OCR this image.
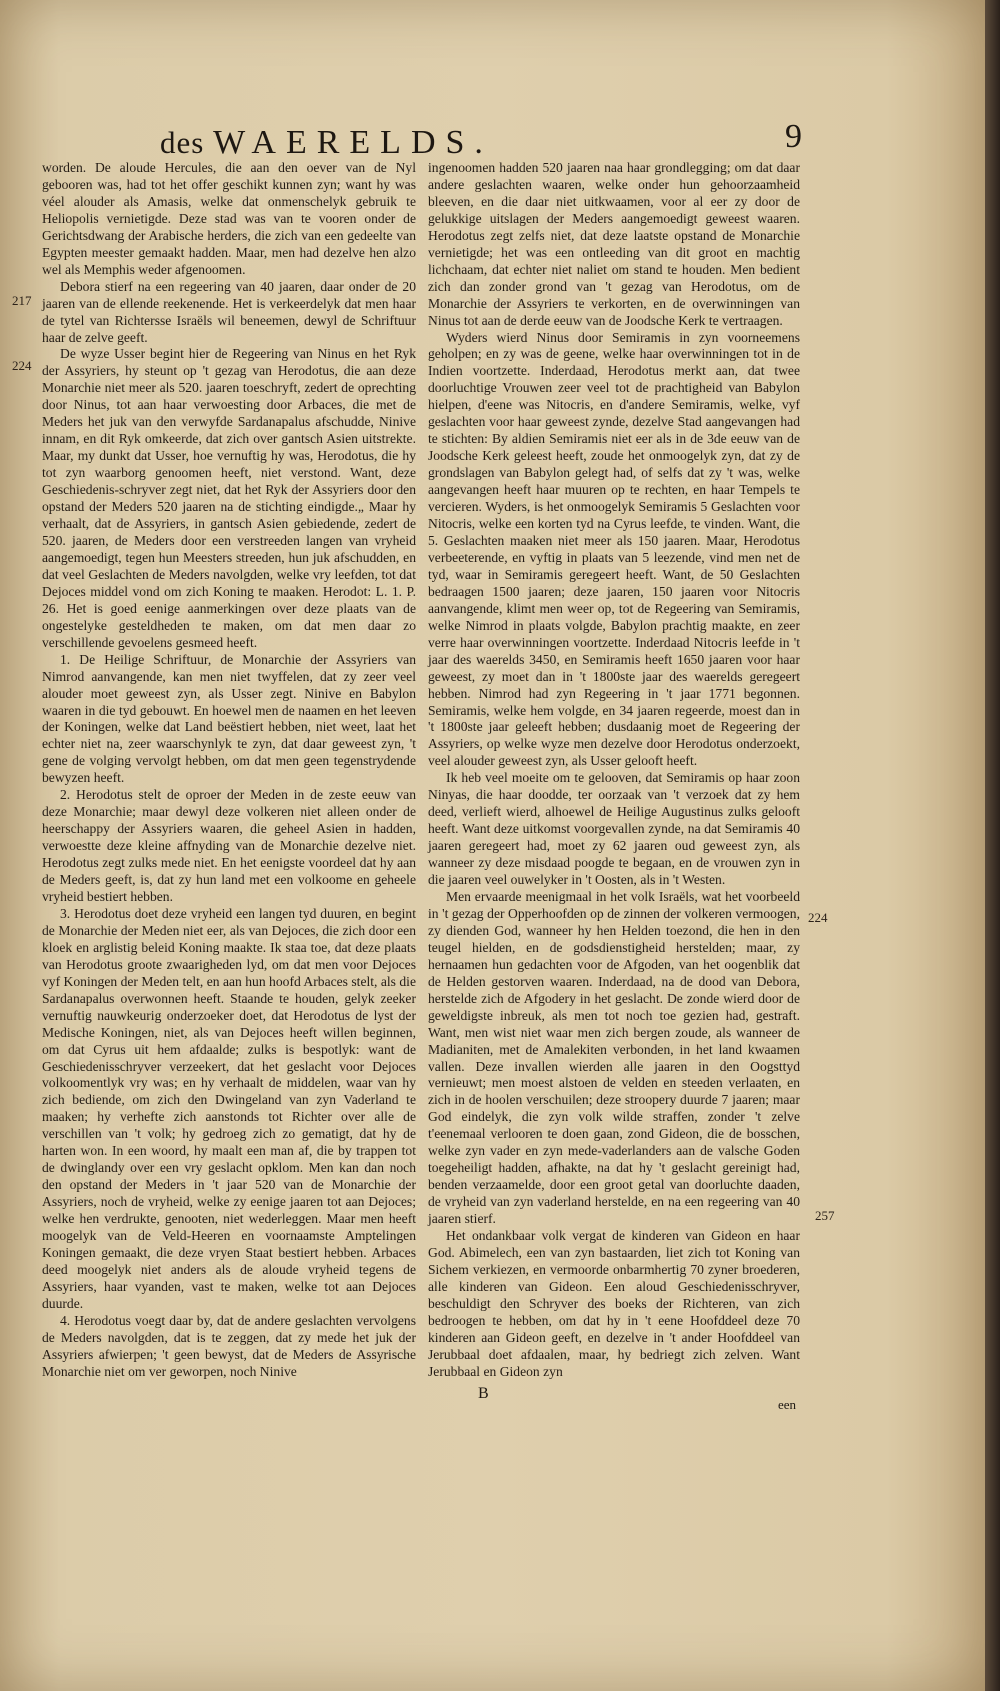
des WAERELDS.	9
217
224
224
257

worden. De aloude Hercules, die aan den oever van de Nyl gebooren was, had tot het offer geschikt kunnen zyn; want hy was véel alouder als Amasis, welke dat onmenschelyk gebruik te Heliopolis vernietigde. Deze stad was van te vooren onder de Gerichtsdwang der Arabische herders, die zich van een gedeelte van Egypten meester gemaakt hadden. Maar, men had dezelve hen alzo wel als Memphis weder afgenoomen.

Debora stierf na een regeering van 40 jaaren, daar onder de 20 jaaren van de ellende reekenende. Het is verkeerdelyk dat men haar de tytel van Richtersse Israëls wil beneemen, dewyl de Schriftuur haar de zelve geeft.

De wyze Usser begint hier de Regeering van Ninus en het Ryk der Assyriers, hy steunt op 't gezag van Herodotus, die aan deze Monarchie niet meer als 520. jaaren toeschryft, zedert de oprechting door Ninus, tot aan haar verwoesting door Arbaces, die met de Meders het juk van den verwyfde Sardanapalus afschudde, Ninive innam, en dit Ryk omkeerde, dat zich over gantsch Asien uitstrekte. Maar, my dunkt dat Usser, hoe vernuftig hy was, Herodotus, die hy tot zyn waarborg genoomen heeft, niet verstond. Want, deze Geschiedenis-schryver zegt niet, dat het Ryk der Assyriers door den opstand der Meders 520 jaaren na de stichting eindigde.„ Maar hy verhaalt, dat de Assyriers, in gantsch Asien gebiedende, zedert de 520. jaaren, de Meders door een verstreeden langen van vryheid aangemoedigt, tegen hun Meesters streeden, hun juk afschudden, en dat veel Geslachten de Meders navolgden, welke vry leefden, tot dat Dejoces middel vond om zich Koning te maaken. Herodot: L. 1. P. 26. Het is goed eenige aanmerkingen over deze plaats van de ongestelyke gesteldheden te maken, om dat men daar zo verschillende gevoelens gesmeed heeft.

1. De Heilige Schriftuur, de Monarchie der Assyriers van Nimrod aanvangende, kan men niet twyffelen, dat zy zeer veel alouder moet geweest zyn, als Usser zegt. Ninive en Babylon waaren in die tyd gebouwt. En hoewel men de naamen en het leeven der Koningen, welke dat Land beëstiert hebben, niet weet, laat het echter niet na, zeer waarschynlyk te zyn, dat daar geweest zyn, 't gene de volging vervolgt hebben, om dat men geen tegenstrydende bewyzen heeft.

2. Herodotus stelt de oproer der Meden in de zeste eeuw van deze Monarchie; maar dewyl deze volkeren niet alleen onder de heerschappy der Assyriers waaren, die geheel Asien in hadden, verwoestte deze kleine affnyding van de Monarchie dezelve niet. Herodotus zegt zulks mede niet. En het eenigste voordeel dat hy aan de Meders geeft, is, dat zy hun land met een volkoome en geheele vryheid bestiert hebben.

3. Herodotus doet deze vryheid een langen tyd duuren, en begint de Monarchie der Meden niet eer, als van Dejoces, die zich door een kloek en arglistig beleid Koning maakte. Ik staa toe, dat deze plaats van Herodotus groote zwaarigheden lyd, om dat men voor Dejoces vyf Koningen der Meden telt, en aan hun hoofd Arbaces stelt, als die Sardanapalus overwonnen heeft. Staande te houden, gelyk zeeker vernuftig nauwkeurig onderzoeker doet, dat Herodotus de lyst der Medische Koningen, niet, als van Dejoces heeft willen beginnen, om dat Cyrus uit hem afdaalde; zulks is bespotlyk: want de Geschiedenisschryver verzeekert, dat het geslacht voor Dejoces volkoomentlyk vry was; en hy verhaalt de middelen, waar van hy zich bediende, om zich den Dwingeland van zyn Vaderland te maaken; hy verhefte zich aanstonds tot Richter over alle de verschillen van 't volk; hy gedroeg zich zo gematigt, dat hy de harten won. In een woord, hy maalt een man af, die by trappen tot de dwinglandy over een vry geslacht opklom. Men kan dan noch den opstand der Meders in 't jaar 520 van de Monarchie der Assyriers, noch de vryheid, welke zy eenige jaaren tot aan Dejoces; welke hen verdrukte, genooten, niet wederleggen. Maar men heeft moogelyk van de Veld-Heeren en voornaamste Amptelingen Koningen gemaakt, die deze vryen Staat bestiert hebben. Arbaces deed moogelyk niet anders als de aloude vryheid tegens de Assyriers, haar vyanden, vast te maken, welke tot aan Dejoces duurde.

4. Herodotus voegt daar by, dat de andere geslachten vervolgens de Meders navolgden, dat is te zeggen, dat zy mede het juk der Assyriers afwierpen; 't geen bewyst, dat de Meders de Assyrische Monarchie niet om ver geworpen, noch Ninive

ingenoomen hadden 520 jaaren naa haar grondlegging; om dat daar andere geslachten waaren, welke onder hun gehoorzaamheid bleeven, en die daar niet uitkwaamen, voor al eer zy door de gelukkige uitslagen der Meders aangemoedigt geweest waaren. Herodotus zegt zelfs niet, dat deze laatste opstand de Monarchie vernietigde; het was een ontleeding van dit groot en machtig lichchaam, dat echter niet naliet om stand te houden. Men bedient zich dan zonder grond van 't gezag van Herodotus, om de Monarchie der Assyriers te verkorten, en de overwinningen van Ninus tot aan de derde eeuw van de Joodsche Kerk te vertraagen.

Wyders wierd Ninus door Semiramis in zyn voorneemens geholpen; en zy was de geene, welke haar overwinningen tot in de Indien voortzette. Inderdaad, Herodotus merkt aan, dat twee doorluchtige Vrouwen zeer veel tot de prachtigheid van Babylon hielpen, d'eene was Nitocris, en d'andere Semiramis, welke, vyf geslachten voor haar geweest zynde, dezelve Stad aangevangen had te stichten: By aldien Semiramis niet eer als in de 3de eeuw van de Joodsche Kerk geleest heeft, zoude het onmoogelyk zyn, dat zy de grondslagen van Babylon gelegt had, of selfs dat zy 't was, welke aangevangen heeft haar muuren op te rechten, en haar Tempels te vercieren. Wyders, is het onmoogelyk Semiramis 5 Geslachten voor Nitocris, welke een korten tyd na Cyrus leefde, te vinden. Want, die 5. Geslachten maaken niet meer als 150 jaaren. Maar, Herodotus verbeeterende, en vyftig in plaats van 5 leezende, vind men net de tyd, waar in Semiramis geregeert heeft. Want, de 50 Geslachten bedraagen 1500 jaaren; deze jaaren, 150 jaaren voor Nitocris aanvangende, klimt men weer op, tot de Regeering van Semiramis, welke Nimrod in plaats volgde, Babylon prachtig maakte, en zeer verre haar overwinningen voortzette. Inderdaad Nitocris leefde in 't jaar des waerelds 3450, en Semiramis heeft 1650 jaaren voor haar geweest, zy moet dan in 't 1800ste jaar des waerelds geregeert hebben. Nimrod had zyn Regeering in 't jaar 1771 begonnen. Semiramis, welke hem volgde, en 34 jaaren regeerde, moest dan in 't 1800ste jaar geleeft hebben; dusdaanig moet de Regeering der Assyriers, op welke wyze men dezelve door Herodotus onderzoekt, veel alouder geweest zyn, als Usser gelooft heeft.

Ik heb veel moeite om te gelooven, dat Semiramis op haar zoon Ninyas, die haar doodde, ter oorzaak van 't verzoek dat zy hem deed, verlieft wierd, alhoewel de Heilige Augustinus zulks gelooft heeft. Want deze uitkomst voorgevallen zynde, na dat Semiramis 40 jaaren geregeert had, moet zy 62 jaaren oud geweest zyn, als wanneer zy deze misdaad poogde te begaan, en de vrouwen zyn in die jaaren veel ouwelyker in 't Oosten, als in 't Westen.

Men ervaarde meenigmaal in het volk Israëls, wat het voorbeeld in 't gezag der Opperhoofden op de zinnen der volkeren vermoogen, zy dienden God, wanneer hy hen Helden toezond, die hen in den teugel hielden, en de godsdienstigheid herstelden; maar, zy hernaamen hun gedachten voor de Afgoden, van het oogenblik dat de Helden gestorven waaren. Inderdaad, na de dood van Debora, herstelde zich de Afgodery in het geslacht. De zonde wierd door de geweldigste inbreuk, als men tot noch toe gezien had, gestraft. Want, men wist niet waar men zich bergen zoude, als wanneer de Madianiten, met de Amalekiten verbonden, in het land kwaamen vallen. Deze invallen wierden alle jaaren in den Oogsttyd vernieuwt; men moest alstoen de velden en steeden verlaaten, en zich in de hoolen verschuilen; deze stroopery duurde 7 jaaren; maar God eindelyk, die zyn volk wilde straffen, zonder 't zelve t'eenemaal verlooren te doen gaan, zond Gideon, die de bosschen, welke zyn vader en zyn mede-vaderlanders aan de valsche Goden toegeheiligt hadden, afhakte, na dat hy 't geslacht gereinigt had, benden verzaamelde, door een groot getal van doorluchte daaden, de vryheid van zyn vaderland herstelde, en na een regeering van 40 jaaren stierf.

Het ondankbaar volk vergat de kinderen van Gideon en haar God. Abimelech, een van zyn bastaarden, liet zich tot Koning van Sichem verkiezen, en vermoorde onbarmhertig 70 zyner broederen, alle kinderen van Gideon. Een aloud Geschiedenisschryver, beschuldigt den Schryver des boeks der Richteren, van zich bedroogen te hebben, om dat hy in 't eene Hoofddeel deze 70 kinderen aan Gideon geeft, en dezelve in 't ander Hoofddeel van Jerubbaal doet afdaalen, maar, hy bedriegt zich zelven. Want Jerubbaal en Gideon zyn

B
een
